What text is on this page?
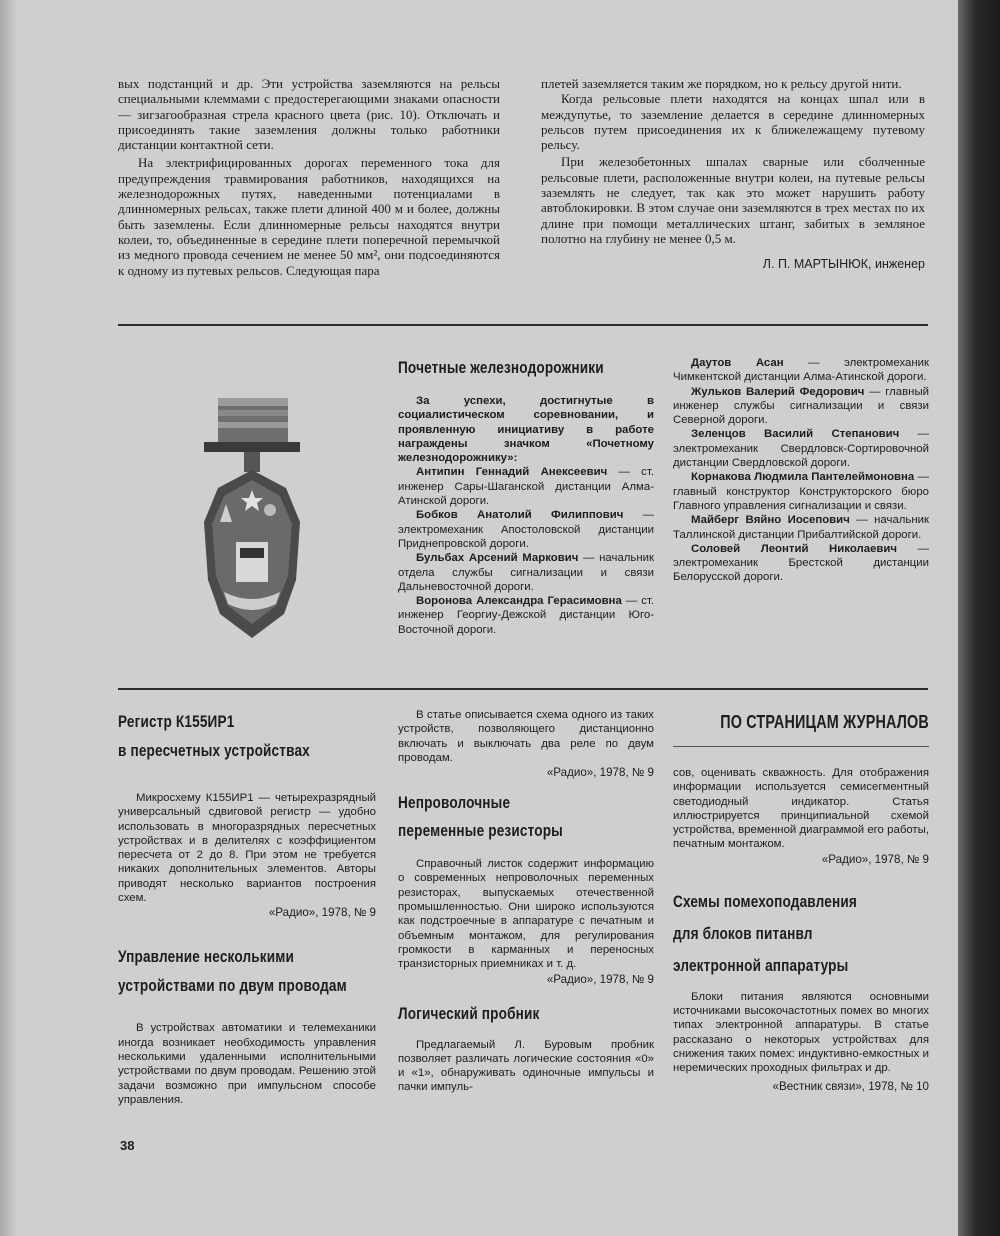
вых подстанций и др. Эти устройства заземляются на рельсы специальными клеммами с предостерегающими знаками опасности — зигзагообразная стрела красного цвета (рис. 10). Отключать и присоединять такие заземления должны только работники дистанции контактной сети.

На электрифицированных дорогах переменного тока для предупреждения травмирования работников, находящихся на железнодорожных путях, наведенными потенциалами в длинномерных рельсах, также плети длиной 400 м и более, должны быть заземлены. Если длинномерные рельсы находятся внутри колеи, то, объединенные в середине плети поперечной перемычкой из медного провода сечением не менее 50 мм², они подсоединяются к одному из путевых рельсов. Следующая пара

плетей заземляется таким же порядком, но к рельсу другой нити.

Когда рельсовые плети находятся на концах шпал или в междупутье, то заземление делается в середине длинномерных рельсов путем присоединения их к ближележащему путевому рельсу.

При железобетонных шпалах сварные или сболченные рельсовые плети, расположенные внутри колеи, на путевые рельсы заземлять не следует, так как это может нарушить работу автоблокировки. В этом случае они заземляются в трех местах по их длине при помощи металлических штанг, забитых в земляное полотно на глубину не менее 0,5 м.

Л. П. МАРТЫНЮК, инженер
Почетные железнодорожники

За успехи, достигнутые в социалистическом соревновании, и проявленную инициативу в работе награждены значком «Почетному железнодорожнику»:

Антипин Геннадий Анексеевич — ст. инженер Сары-Шаганской дистанции Алма-Атинской дороги.

Бобков Анатолий Филиппович — электромеханик Апостоловской дистанции Приднепровской дороги.

Бульбах Арсений Маркович — начальник отдела службы сигнализации и связи Дальневосточной дороги.

Воронова Александра Герасимовна — ст. инженер Георгиу-Дежской дистанции Юго-Восточной дороги.

Даутов Асан — электромеханик Чимкентской дистанции Алма-Атинской дороги.

Жульков Валерий Федорович — главный инженер службы сигнализации и связи Северной дороги.

Зеленцов Василий Степанович — электромеханик Свердловск-Сортировочной дистанции Свердловской дороги.

Корнакова Людмила Пантелеймоновна — главный конструктор Конструкторского бюро Главного управления сигнализации и связи.

Майберг Вяйно Иосепович — начальник Таллинской дистанции Прибалтийской дороги.

Соловей Леонтий Николаевич — электромеханик Брестской дистанции Белорусской дороги.

Регистр К155ИР1
в пересчетных устройствах

Микросхему К155ИР1 — четырехразрядный универсальный сдвиговой регистр — удобно использовать в многоразрядных пересчетных устройствах и в делителях с коэффициентом пересчета от 2 до 8. При этом не требуется никаких дополнительных элементов. Авторы приводят несколько вариантов построения схем.

«Радио», 1978, № 9
Управление несколькими
устройствами по двум проводам

В устройствах автоматики и телемеханики иногда возникает необходимость управления несколькими удаленными исполнительными устройствами по двум проводам. Решению этой задачи возможно при импульсном способе управления.

В статье описывается схема одного из таких устройств, позволяющего дистанционно включать и выключать два реле по двум проводам.

«Радио», 1978, № 9
Непроволочные
переменные резисторы

Справочный листок содержит информацию о современных непроволочных переменных резисторах, выпускаемых отечественной промышленностью. Они широко используются как подстроечные в аппаратуре с печатным и объемным монтажом, для регулирования громкости в карманных и переносных транзисторных приемниках и т. д.

«Радио», 1978, № 9
Логический пробник

Предлагаемый Л. Буровым пробник позволяет различать логические состояния «0» и «1», обнаруживать одиночные импульсы и пачки импуль-

ПО СТРАНИЦАМ ЖУРНАЛОВ

сов, оценивать скважность. Для отображения информации используется семисегментный светодиодный индикатор. Статья иллюстрируется принципиальной схемой устройства, временной диаграммой его работы, печатным монтажом.

«Радио», 1978, № 9
Схемы помехоподавления
для блоков питанвл
электронной аппаратуры

Блоки питания являются основными источниками высокочастотных помех во многих типах электронной аппаратуры. В статье рассказано о некоторых устройствах для снижения таких помех: индуктивно-емкостных и неремических проходных фильтрах и др.

«Вестник связи», 1978, № 10
38
